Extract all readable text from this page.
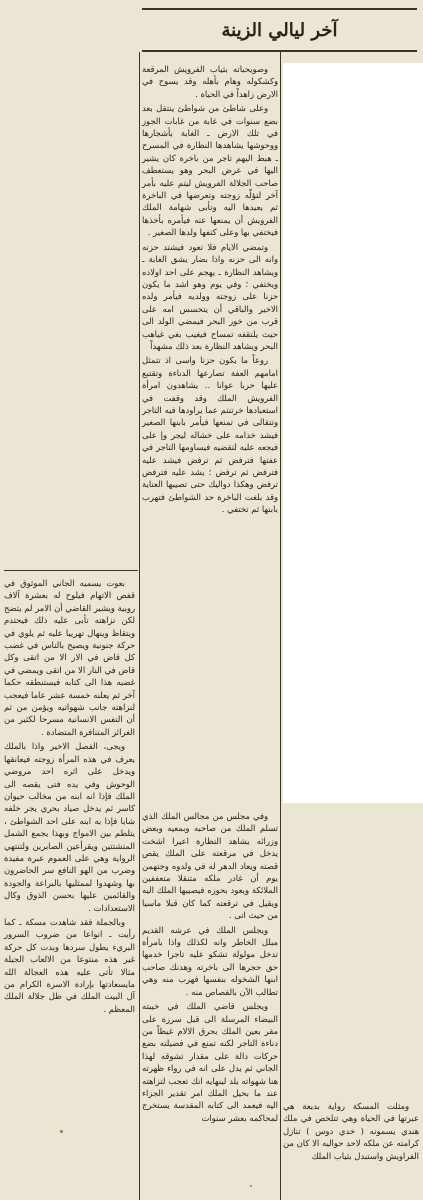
آخر ليالي الزينة

وصويحباته بثياب الفرويش المرقعة وكشكوله وهام بأهله وقد يسوح في الارض زاهداً في الحياة .

وعلى شاطئ من شواطئ ينتقل بعد بضع سنوات في غابة من غابات الجوز في تلك الارض ـ الغابة بأشجارها ووحوشها يشاهدها النظارة في المسرح ـ هبط اليهم تاجر من باخرة كان يشير اليها في عرض البحر وهو يستعطف صاحب الجلالة الفرويش ليتم عليه بأمر آخر لتؤلّه زوجته وتعرضها في الباخرة ثم يعيدها اليه وتأبى شهامة الملك الفرويش أن يمنعها عنه فيأمره بأخذها فيختفي بها وعلى كتفها ولدها الصغير .

وتمضي الايام فلا تعود فيشتد حزنه وانه الى حزنه واذا بضار يشق الغابة ـ ويشاهد النظارة ـ يهجم على احد اولاده ويختفي ؛ وفي يوم وهو اشد ما يكون حزنا على زوجته وولديه فيأمر ولده الاخير والباقي أن يتحسس امه على قرب من خور البحر فيمضي الولد الى حيث يلتقفه تمساح فيغيب بغي غياهب البحر ويشاهد النظارة بعد ذلك مشهداً

روعاً ما يكون حزنا واسى اذ تتمثل امامهم العفة تصارعها الدناءة وتقتبع عليها حربا عوانا .. يشاهدون امرأة الفرويش الملك وقد وقفت في استعبادها خرتنتم عما يراودها فيه التاجر وتتقالى في تمنعها فيأمر بابنها الصغير فيشد خدامه على خشاله ليجر وإ على فيجعه عليه لتقضيه فيساومها التاجر في عفتها فترفض ثم ترفض فيشد عليه فترفض ثم ترفض ؛ يشد عليه فترفض ترفض وهكذا دواليك حتى تصيبها العناية وقد بلغت الباخرة حد الشواطئ فتهرب بابنها ثم تختفي .

وفي مجلس من مجالس الملك الذي تسلم الملك من صاحبه وبمعيه وبعض وزرائه يشاهد النظارة اعيرا اشخت يدخل في مرقعته على الملك يقص قصته ويعاد الدهر له في ولدوه وجتهمن يوم أن غادر ملكه متنقلا متعففين الملائكة ويعود بحوزه فيصيبها الملك اليه ويقيل في ترقعته كما كان قبلا ماسيا من حيث اتى .

ويجلس الملك في عرشه القديم مبلل الخاطر وانه لكذلك واذا بامرأة تدخل مولولة تشكو عليه تاجرا خدمها حق حجرها الى باخرته وهدنك صاحب ابنها الشخوله بنفسها فهرب منه وهي تطالب الآن بالقصاص منه .

ويجلس قاضي الملك في خيبته البيضاء المرسلة الى قبل سرزة على مقر بعين الملك بحرق الالام غيظاً من دناءة التاجر لكنه تمنع في فضيلته بضع حركات دالة على مقدار تشوقه لهذا الجاني ثم يدل على انه في رواء ظهرته هنا شهواته يلد لينهايه انك تعجب لتزاهته عند ما بحيل الملك امر تقدير الجزاء اليه فيعمد الى كتابه المقدسة يستخرج لمحاكمه بعشر سنوات

بعوت يسميه الجاني الموثوق في قفص الاتهام فيلوح له بعشرة آلاف روبية ويشير القاضي أن الامر لم يتضح لكن نزاهته تأبى عليه ذلك فيحتدم ويتقاظ وينهال تهريبا عليه ثم يلوي في حركة جنونية ويصيح بالناس في غضب كل قاض في الار الا من اتقى وكل قاض في النار الا من اتقى ويمضي في غضبه هذا الى كتابه فيستنطقه حكما آخر ثم يعلنه خمسة عشر عاما فيعجب لنزاهته جانب شهواتيه ويؤمن من ثم أن النفس الانسانية مسرحا لكثير من الغرائز المتنافرة المتضادة .

ويجى، الفصل الاخير واذا بالملك يعرف في هذه المرأة زوجته فيعانقها ويدخل على اثره احد مروضي الوحوش وفي يده فتى يقصه الى الملك فإذا انه ابنه من مخالب حيوان كاسر ثم يدخل صياد بحري يجر خلفه شابا فإذا به ابنه على احد الشواطئ ، يتلطم بين الامواج وبهذا يجمع الشمل المتشتتين ويقرأعين الصابرين ولتنتهي الرواية وهي على العموم عبرة مفيدة وضرب من الهو النافع سر الحاضرون بها وشهدوا لممثليها بالبراعة والجودة والقائمين عليها بحسن الذوق وكال الاستعدادات .

وبالجملة فقد شاهدت مسكة ـ كما رأيت ـ انواعا من ضروب السرور البريء يطول سردها وبدت كل حركة غير هذه منتوعا من الالعاب الجيلة مثالا تأتى عليه هذه العجالة الله مايسعادتها بإرادة الاسرة الكرام من آل البيت الملك في ظل جلالة الملك المعظم .

ومثلت المسكة رواية بديعة هي عبرتها في الحياة وهي تتلخص في ملك هندي يسمونه ( خدي دوس ) تنازل كرامته عن ملكه لاحد حواليه الا كان من الفراويش واستبدل بثياب الملك
